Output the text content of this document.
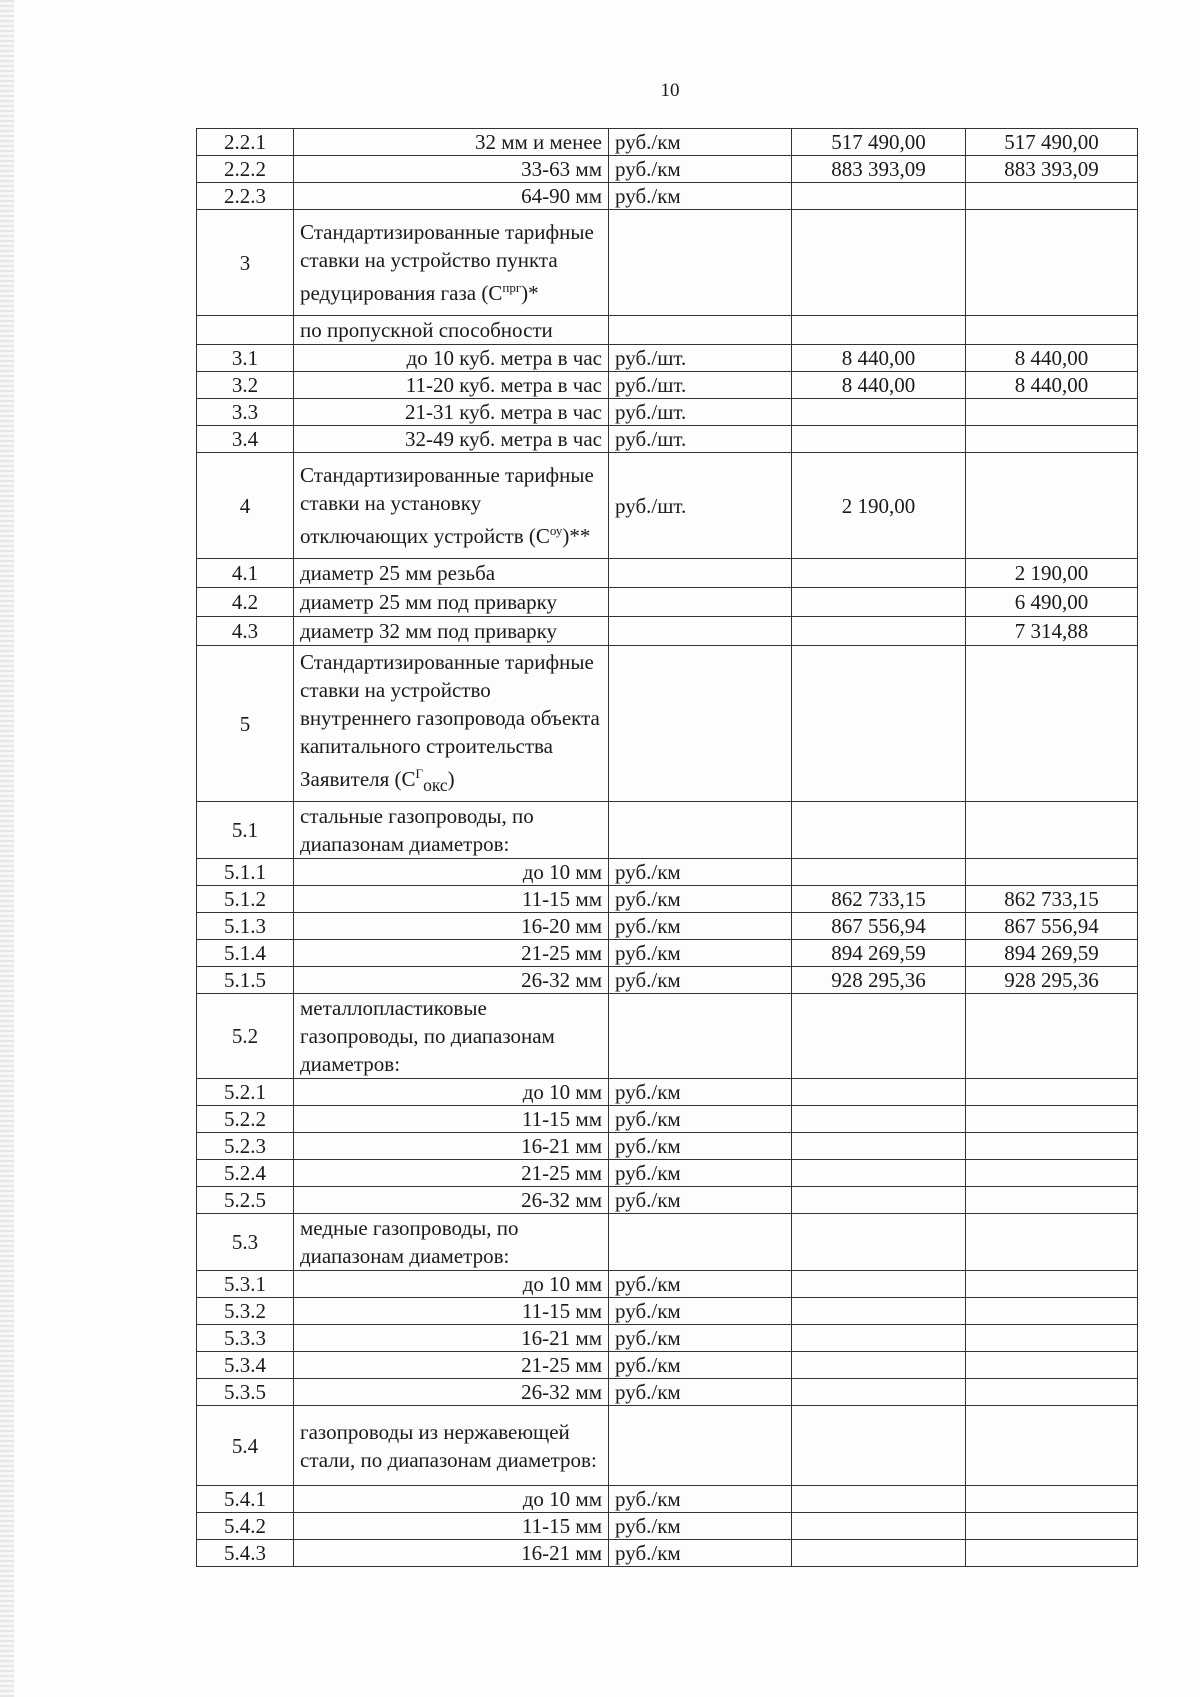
10
2.2.1	32 мм и менее	руб./км	517 490,00	517 490,00
2.2.2	33-63 мм	руб./км	883 393,09	883 393,09
2.2.3	64-90 мм	руб./км		
3	Стандартизированные тарифные ставки на устройство пункта редуцирования газа $(C^{прг})*$			
	по пропускной способности			
3.1	до 10 куб. метра в час	руб./шт.	8 440,00	8 440,00
3.2	11-20 куб. метра в час	руб./шт.	8 440,00	8 440,00
3.3	21-31 куб. метра в час	руб./шт.		
3.4	32-49 куб. метра в час	руб./шт.		
4	Стандартизированные тарифные ставки на установку отключающих устройств $(C^{оу})**$	руб./шт.	2 190,00	
4.1	диаметр 25 мм резьба			2 190,00
4.2	диаметр 25 мм под приварку			6 490,00
4.3	диаметр 32 мм под приварку			7 314,88
5	Стандартизированные тарифные ставки на устройство внутреннего газопровода объекта капитального строительства Заявителя $(C^Г_{окс})$			
5.1	стальные газопроводы, по диапазонам диаметров:			
5.1.1	до 10 мм	руб./км		
5.1.2	11-15 мм	руб./км	862 733,15	862 733,15
5.1.3	16-20 мм	руб./км	867 556,94	867 556,94
5.1.4	21-25 мм	руб./км	894 269,59	894 269,59
5.1.5	26-32 мм	руб./км	928 295,36	928 295,36
5.2	металлопластиковые газопроводы, по диапазонам диаметров:			
5.2.1	до 10 мм	руб./км		
5.2.2	11-15 мм	руб./км		
5.2.3	16-21 мм	руб./км		
5.2.4	21-25 мм	руб./км		
5.2.5	26-32 мм	руб./км		
5.3	медные газопроводы, по диапазонам диаметров:			
5.3.1	до 10 мм	руб./км		
5.3.2	11-15 мм	руб./км		
5.3.3	16-21 мм	руб./км		
5.3.4	21-25 мм	руб./км		
5.3.5	26-32 мм	руб./км		
5.4	газопроводы из нержавеющей стали, по диапазонам диаметров:			
5.4.1	до 10 мм	руб./км		
5.4.2	11-15 мм	руб./км		
5.4.3	16-21 мм	руб./км		
